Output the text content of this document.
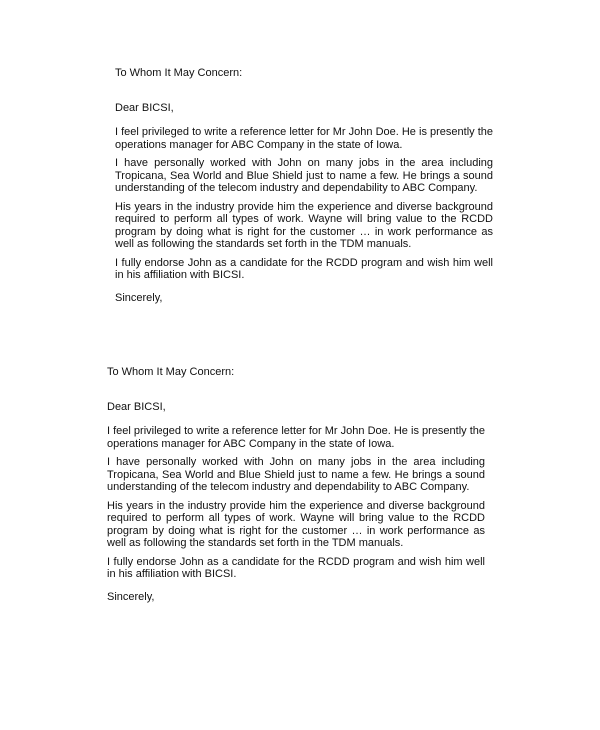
To Whom It May Concern:

Dear BICSI,

I feel privileged to write a reference letter for Mr John Doe. He is presently the operations manager for ABC Company in the state of Iowa.

I have personally worked with John on many jobs in the area including Tropicana, Sea World and Blue Shield just to name a few. He brings a sound understanding of the telecom industry and dependability to ABC Company.

His years in the industry provide him the experience and diverse background required to perform all types of work. Wayne will bring value to the RCDD program by doing what is right for the customer … in work performance as well as following the standards set forth in the TDM manuals.

I fully endorse John as a candidate for the RCDD program and wish him well in his affiliation with BICSI.

Sincerely,

To Whom It May Concern:

Dear BICSI,

I feel privileged to write a reference letter for Mr John Doe. He is presently the operations manager for ABC Company in the state of Iowa.

I have personally worked with John on many jobs in the area including Tropicana, Sea World and Blue Shield just to name a few. He brings a sound understanding of the telecom industry and dependability to ABC Company.

His years in the industry provide him the experience and diverse background required to perform all types of work. Wayne will bring value to the RCDD program by doing what is right for the customer … in work performance as well as following the standards set forth in the TDM manuals.

I fully endorse John as a candidate for the RCDD program and wish him well in his affiliation with BICSI.

Sincerely,
